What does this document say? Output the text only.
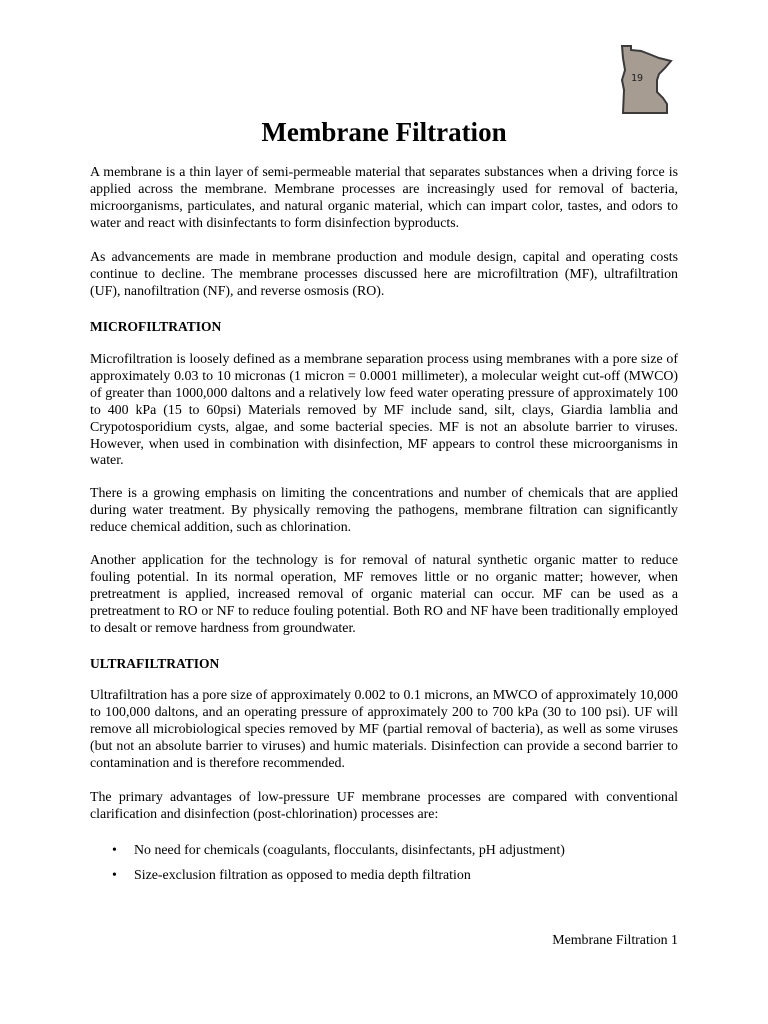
19
Membrane Filtration

A membrane is a thin layer of semi-permeable material that separates substances when a driving force is applied across the membrane. Membrane processes are increasingly used for removal of bacteria, microorganisms, particulates, and natural organic material, which can impart color, tastes, and odors to water and react with disinfectants to form disinfection byproducts.

As advancements are made in membrane production and module design, capital and operating costs continue to decline. The membrane processes discussed here are microfiltration (MF), ultrafiltration (UF), nanofiltration (NF), and reverse osmosis (RO).

MICROFILTRATION

Microfiltration is loosely defined as a membrane separation process using membranes with a pore size of approximately 0.03 to 10 micronas (1 micron = 0.0001 millimeter), a molecular weight cut-off (MWCO) of greater than 1000,000 daltons and a relatively low feed water operating pressure of approximately 100 to 400 kPa (15 to 60psi) Materials removed by MF include sand, silt, clays, Giardia lamblia and Crypotosporidium cysts, algae, and some bacterial species. MF is not an absolute barrier to viruses. However, when used in combination with disinfection, MF appears to control these microorganisms in water.

There is a growing emphasis on limiting the concentrations and number of chemicals that are applied during water treatment. By physically removing the pathogens, membrane filtration can significantly reduce chemical addition, such as chlorination.

Another application for the technology is for removal of natural synthetic organic matter to reduce fouling potential. In its normal operation, MF removes little or no organic matter; however, when pretreatment is applied, increased removal of organic material can occur. MF can be used as a pretreatment to RO or NF to reduce fouling potential. Both RO and NF have been traditionally employed to desalt or remove hardness from groundwater.

ULTRAFILTRATION

Ultrafiltration has a pore size of approximately 0.002 to 0.1 microns, an MWCO of approximately 10,000 to 100,000 daltons, and an operating pressure of approximately 200 to 700 kPa (30 to 100 psi). UF will remove all microbiological species removed by MF (partial removal of bacteria), as well as some viruses (but not an absolute barrier to viruses) and humic materials. Disinfection can provide a second barrier to contamination and is therefore recommended.

The primary advantages of low-pressure UF membrane processes are compared with conventional clarification and disinfection (post-chlorination) processes are:

• No need for chemicals (coagulants, flocculants, disinfectants, pH adjustment)
• Size-exclusion filtration as opposed to media depth filtration
Membrane Filtration 1
